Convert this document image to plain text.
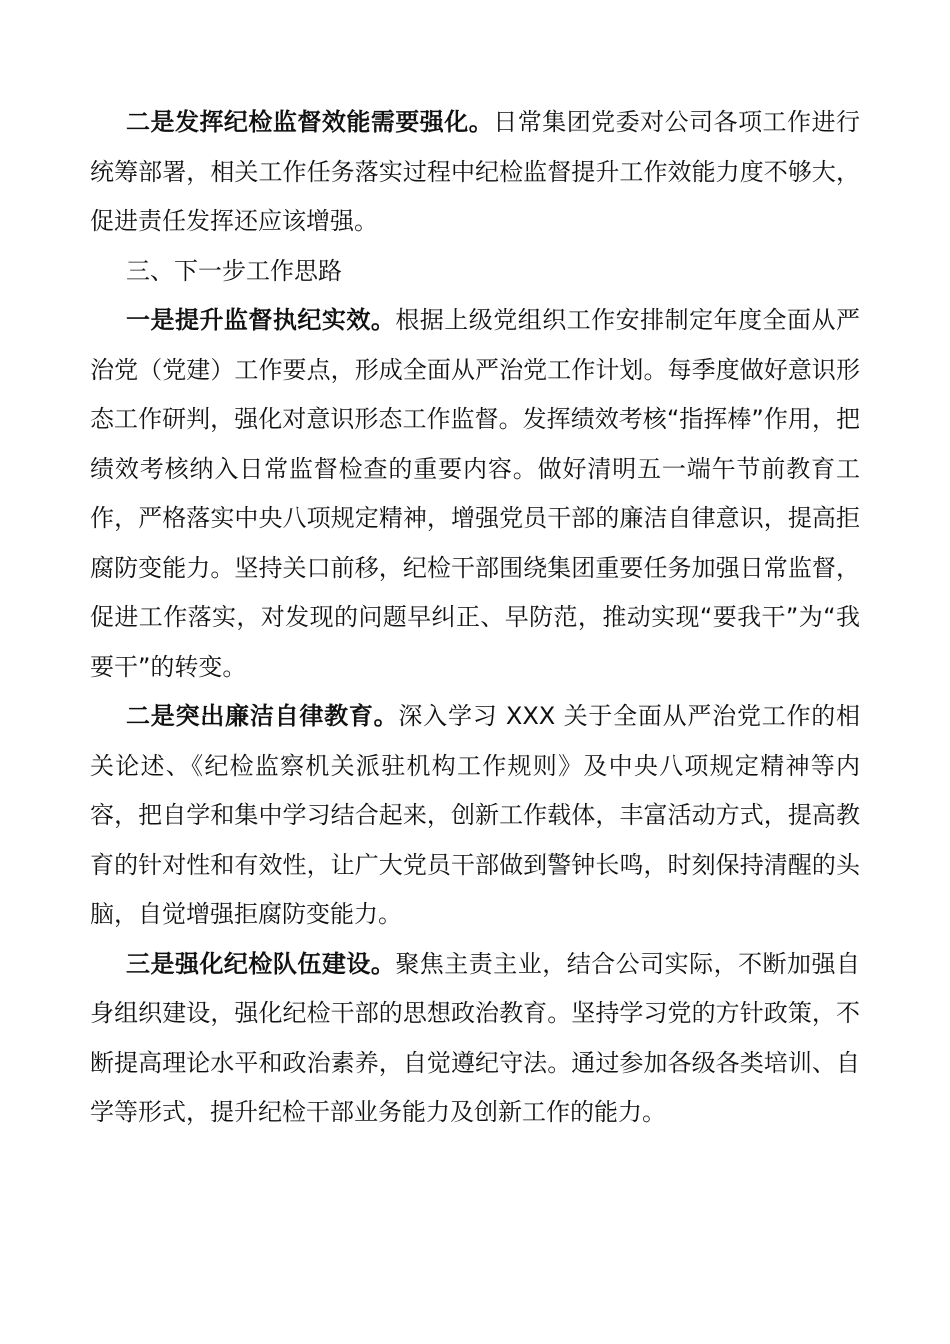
二是发挥纪检监督效能需要强化。日常集团党委对公司各项工作进行统筹部署，相关工作任务落实过程中纪检监督提升工作效能力度不够大，促进责任发挥还应该增强。

三、下一步工作思路

一是提升监督执纪实效。根据上级党组织工作安排制定年度全面从严治党（党建）工作要点，形成全面从严治党工作计划。每季度做好意识形态工作研判，强化对意识形态工作监督。发挥绩效考核“指挥棒”作用，把绩效考核纳入日常监督检查的重要内容。做好清明五一端午节前教育工作，严格落实中央八项规定精神，增强党员干部的廉洁自律意识，提高拒腐防变能力。坚持关口前移，纪检干部围绕集团重要任务加强日常监督，促进工作落实，对发现的问题早纠正、早防范，推动实现“要我干”为“我要干”的转变。

二是突出廉洁自律教育。深入学习 XXX 关于全面从严治党工作的相关论述、《纪检监察机关派驻机构工作规则》及中央八项规定精神等内容，把自学和集中学习结合起来，创新工作载体，丰富活动方式，提高教育的针对性和有效性，让广大党员干部做到警钟长鸣，时刻保持清醒的头脑，自觉增强拒腐防变能力。

三是强化纪检队伍建设。聚焦主责主业，结合公司实际，不断加强自身组织建设，强化纪检干部的思想政治教育。坚持学习党的方针政策，不断提高理论水平和政治素养，自觉遵纪守法。通过参加各级各类培训、自学等形式，提升纪检干部业务能力及创新工作的能力。
